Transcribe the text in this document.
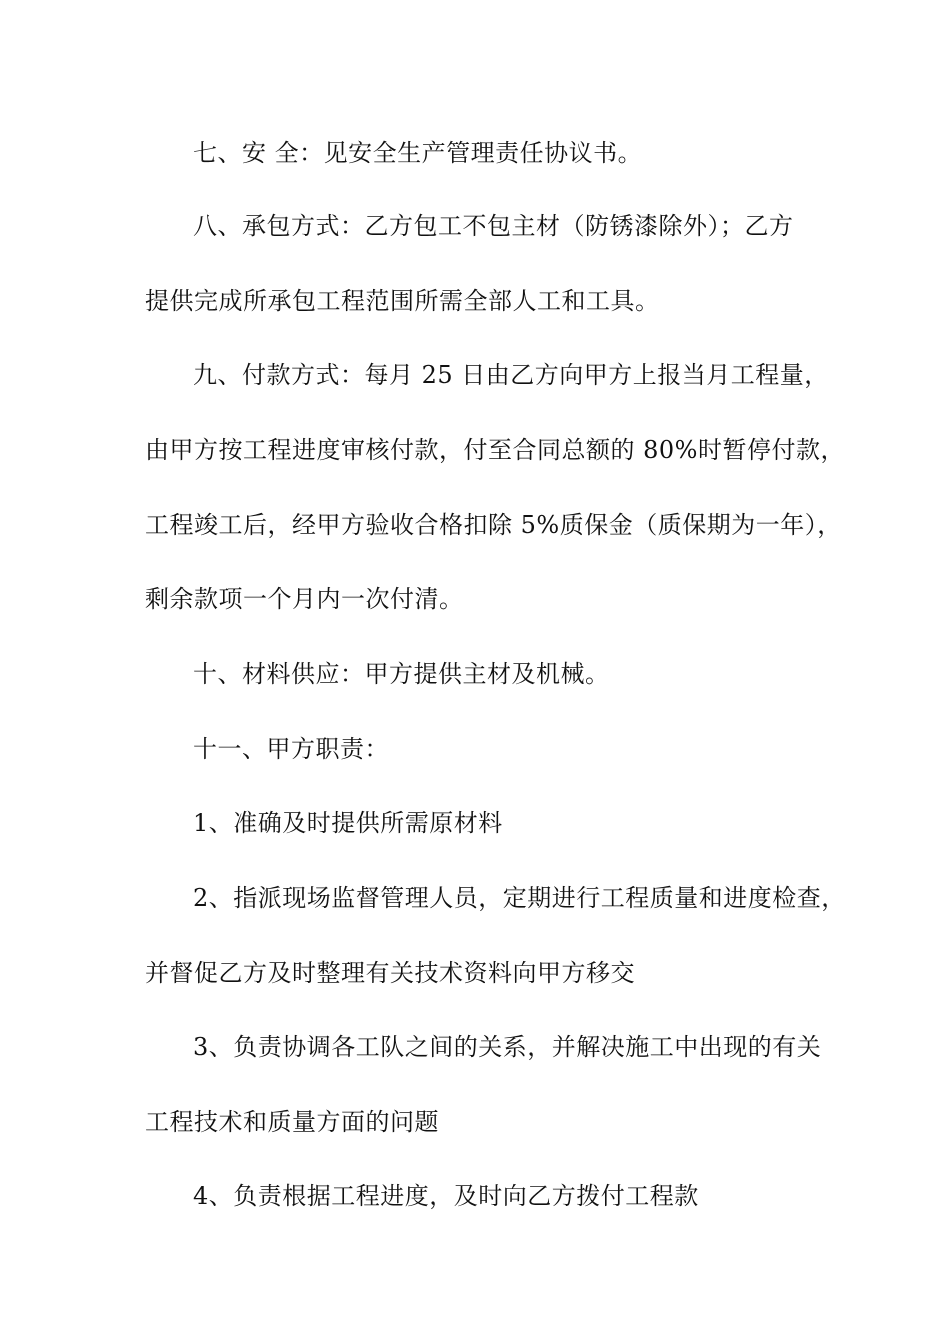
七、安 全：见安全生产管理责任协议书。
八、承包方式：乙方包工不包主材（防锈漆除外）；乙方
提供完成所承包工程范围所需全部人工和工具。
九、付款方式：每月 25 日由乙方向甲方上报当月工程量，
由甲方按工程进度审核付款，付至合同总额的 80%时暂停付款，
工程竣工后，经甲方验收合格扣除 5%质保金（质保期为一年），
剩余款项一个月内一次付清。
十、材料供应：甲方提供主材及机械。
十一、甲方职责：
1、准确及时提供所需原材料
2、指派现场监督管理人员，定期进行工程质量和进度检查，
并督促乙方及时整理有关技术资料向甲方移交
3、负责协调各工队之间的关系，并解决施工中出现的有关
工程技术和质量方面的问题
4、负责根据工程进度，及时向乙方拨付工程款
